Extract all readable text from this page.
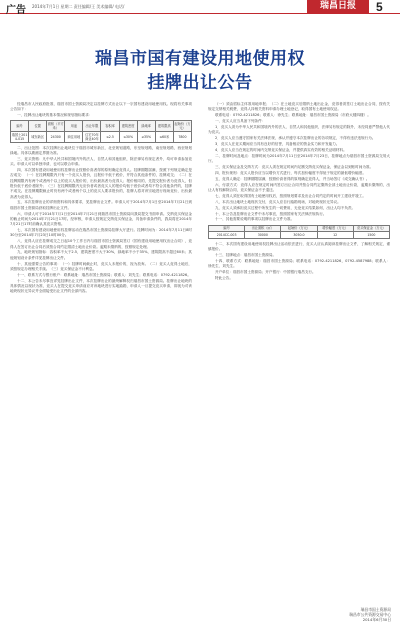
广告 2014年7月1日 星期二 责任编辑/王 美术编辑/ 电话/	瑞昌日报	5
瑞昌市国有建设用地使用权
挂牌出让公告

经瑞昌市人民政府批准，瑞昌市国土资源局决定以挂牌方式出让以下一宗国有建设用地使用权。现将有关事项公告如下：

一、挂牌出让地块的基本情况和规划指标要求：

编号	位置	面积（平方米）	用途	出让年限	容积率	建筑密度	绿地率	建筑限高	起始价（万元）
瑞国土2014-015	城东新区	24300	商住用地	住宅70年 商业40年	≤2.5	≤30%	≥35%	≤60米	7800

二、出让范围：本次挂牌出让地块位于瑞昌市城东新区，北至规划道路，东至规划路，南至规划路，西至规划绿地。具体以勘测定界图为准。

三、竞买资格：凡中华人民共和国境内外的法人、自然人和其他组织，除法律另有规定者外，均可申请参加竞买。申请人可以单独申请，也可以联合申请。

四、本次国有建设用地使用权挂牌出让按照价高者得的原则确定竞得人。挂牌期限届满，按照下列规定确定是否成交：（一）在挂牌期限内只有一个竞买人报价，且报价不低于底价，并符合其他条件的，挂牌成交；（二）在挂牌期限内有两个或者两个以上的竞买人报价的，出价最高者为竞得人；报价相同的，先提交报价者为竞得人，但报价低于底价者除外；（三）在挂牌期限内无应价者或者竞买人的报价均低于底价或者均不符合其他条件的，挂牌不成交。在挂牌期限截止时仍有两个或者两个以上的竞买人要求报价的，挂牌人将对该宗地进行现场竞价，出价最高者为竞得人。

五、本次挂牌出让的详细资料和具体要求，见挂牌出让文件。申请人可于2014年7月1日至2014年7月21日到瑞昌市国土资源局获取挂牌出让文件。

六、申请人可于2014年7月1日至2014年7月21日到瑞昌市国土资源局向我局提交书面申请。交纳竞买保证金的截止时间为2014年7月21日17时。经审核，申请人按规定交纳竞买保证金，具备申请条件的，我局将在2014年7月21日17时前确认其竞买资格。

七、本次国有建设用地使用权挂牌活动在瑞昌市国土资源局挂牌大厅进行。挂牌时间为：2014年7月11日8时30分至2014年7月23日10时00分。

八、竞得人应在挂牌成交之日起10个工作日内与瑞昌市国土资源局签订《国有建设用地使用权出让合同》，竞得人在签订出让合同后须按合同约定缴清土地出让价款。逾期未缴纳的，按照规定处理。

九、地块规划指标：容积率不大于2.5，建筑密度不大于30%，绿地率不小于35%，建筑限高不超过60米；其他规划设计条件详见挂牌出让文件。

十、其他需要公告的事项：（一）挂牌时间截止时，竞买人未报价的，视为放弃。（二）竞买人竞得土地后，须按规定办理相关手续。（三）竞买保证金不计利息。

十一、联系方式与银行账户：联系地址：瑞昌市国土资源局；联系人：刘先生；联系电话：0792-4211826。

十二、本公告未尽事宜详见挂牌出让文件，本次挂牌出让的最终解释权归瑞昌市国土资源局。挂牌出让地块的具体情况以现状为准，竞买人在提交竞买申请前应对该地块进行实地踏勘，申请人一旦提交竞买申请，即视为对该地块现状无异议并全面接受出让文件的全部内容。

（一）须由招标主体准用地申报；（二）在土地竞买后缴纳土地出让金，竞得者须签订土地出让合同，按有关规定交纳相关税费，竞得人持相关资料申请办理土地登记，取得国有土地使用权证。

联系电话：0792-4211826；联系人：徐先生；联系地址：瑞昌市国土资源局（市府大楼四楼）。

一、竞买人应当具备下列条件：

1．竞买人须为中华人民共和国境内外的法人、自然人和其他组织，法律另有规定的除外，未经同意严禁他人代为竞买。

2．竞买人应当遵守国家有关法律法规，承认并遵守本次挂牌出让的各项规定，不得有违法违规行为。

3．竞买人在竞买期间应当具有良好的信誉，具备相应的资金实力和开发能力。

4．竞买人应当在规定的时间内交纳竞买保证金，并提供真实有效的相关证明材料。

二、挂牌时间及地点：挂牌时间为2014年7月11日至2014年7月23日，挂牌地点为瑞昌市国土资源局交易大厅。

三、竞买保证金及交纳方式：竞买人须在规定时间内足额交纳竞买保证金，保证金以到账时间为准。

四、报价规则：竞买人报价应当以增价方式进行，每次加价幅度不得低于规定的最低增价幅度。

五、竞得人确定：挂牌期限届满，按照价高者得的原则确定竞得人，并当场签订《成交确认书》。

六、付款方式：竞得人应在规定时间内签订出让合同并按合同约定缴纳全部土地出让价款，逾期未缴纳的，出让人有权解除合同，竞买保证金不予退还。

七、竞得人须在取得国有土地使用权后，按照规划要求及出让合同约定的时间开工建设并竣工。

八、本次出让地块土地现状交付，竞买人应自行踏勘现场，对地块现状无异议。

九、竞买人须承担竞买过程中所发生的一切费用，无论竞买结果如何，出让人均不负责。

十、本公告及挂牌出让文件中未尽事宜，按照国家有关法律法规执行。

十一、其他需要说明的事项以挂牌出让文件为准。

编号	出让面积（㎡）	起始价（万元）	增价幅度（万元）	竞买保证金（万元）
2014CC-003	30000	3050.0	12	1500

十二、本次国有建设用地使用权挂牌出让活动依法进行，竞买人应认真阅读挂牌出让文件，了解相关规定，谨慎报价。

十三、挂牌地点：瑞昌市国土资源局。

十四、联系方式：联系地址：瑞昌市国土资源局；联系电话：0792-4211826，0792-4587988；联系人：徐先生、刘先生。

开户单位：瑞昌市国土资源局；开户银行：中国银行瑞昌支行。

特此公告。

瑞昌市国土资源局
瑞昌市公共资源交易中心
2014年6月30日
